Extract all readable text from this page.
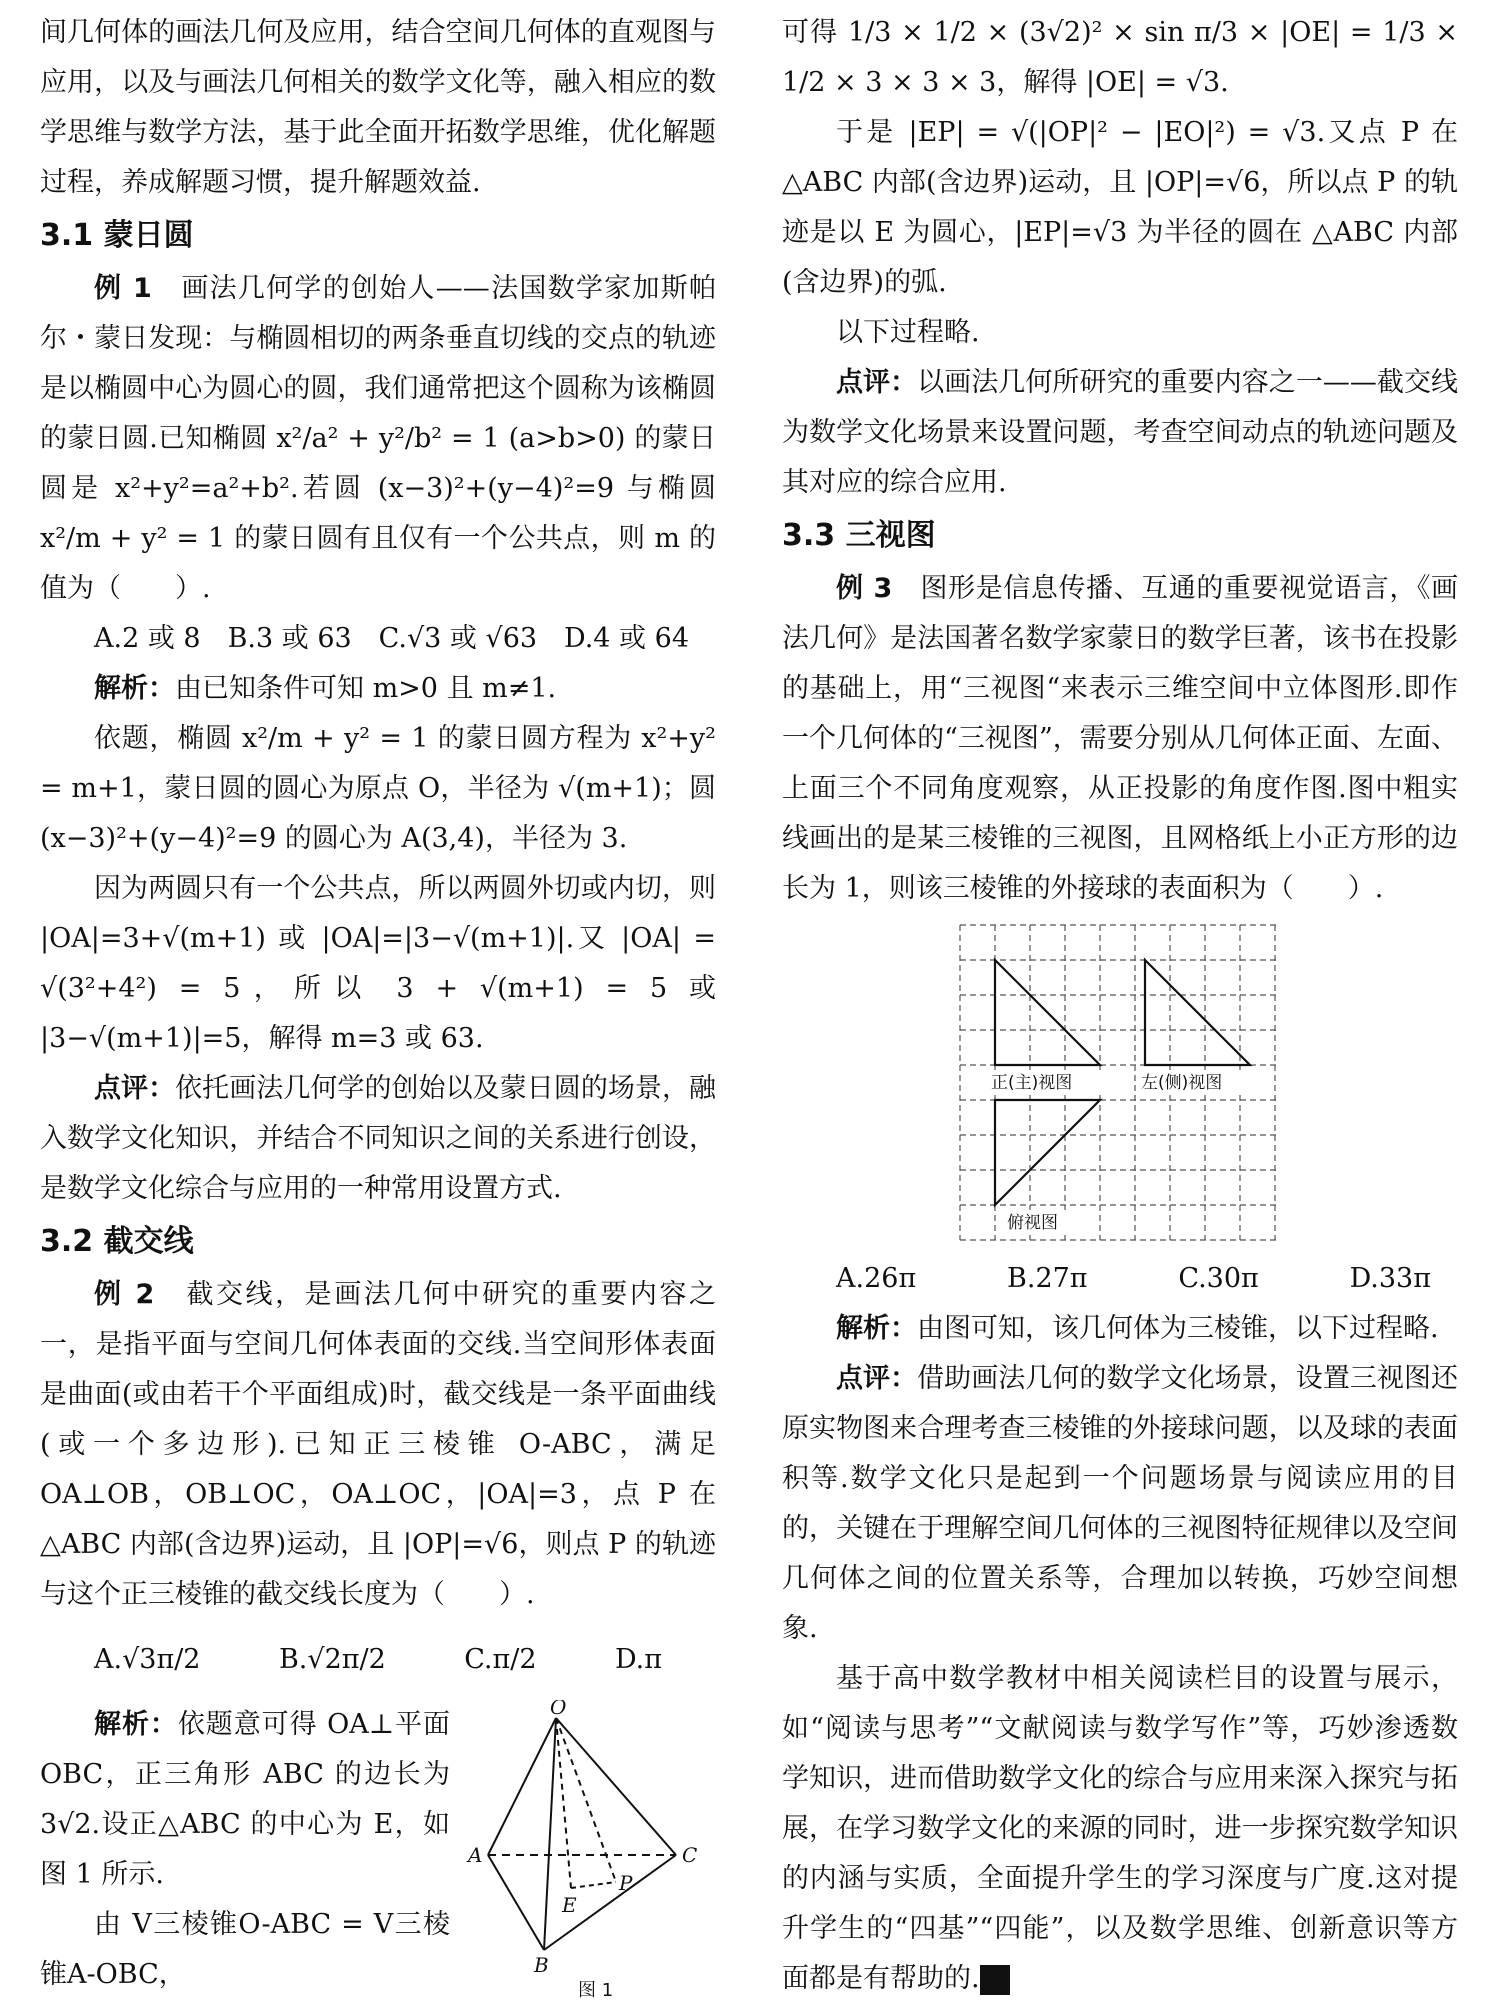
间几何体的画法几何及应用，结合空间几何体的直观图与应用，以及与画法几何相关的数学文化等，融入相应的数学思维与数学方法，基于此全面开拓数学思维，优化解题过程，养成解题习惯，提升解题效益.

3.1 蒙日圆

例 1　 画法几何学的创始人——法国数学家加斯帕尔・蒙日发现：与椭圆相切的两条垂直切线的交点的轨迹是以椭圆中心为圆心的圆，我们通常把这个圆称为该椭圆的蒙日圆.已知椭圆 x²/a² + y²/b² = 1 (a>b>0) 的蒙日圆是 x²+y²=a²+b².若圆 (x−3)²+(y−4)²=9 与椭圆 x²/m + y² = 1 的蒙日圆有且仅有一个公共点，则 m 的值为（　　）.

A.2 或 8 B.3 或 63 C.√3 或 √63 D.4 或 64

解析：由已知条件可知 m>0 且 m≠1.

依题，椭圆 x²/m + y² = 1 的蒙日圆方程为 x²+y² = m+1，蒙日圆的圆心为原点 O，半径为 √(m+1)；圆 (x−3)²+(y−4)²=9 的圆心为 A(3,4)，半径为 3.

因为两圆只有一个公共点，所以两圆外切或内切，则 |OA|=3+√(m+1) 或 |OA|=|3−√(m+1)|.又 |OA| = √(3²+4²) = 5，所以 3 + √(m+1) = 5 或 |3−√(m+1)|=5，解得 m=3 或 63.

点评：依托画法几何学的创始以及蒙日圆的场景，融入数学文化知识，并结合不同知识之间的关系进行创设，是数学文化综合与应用的一种常用设置方式.

3.2 截交线

例 2　 截交线，是画法几何中研究的重要内容之一，是指平面与空间几何体表面的交线.当空间形体表面是曲面(或由若干个平面组成)时，截交线是一条平面曲线(或一个多边形).已知正三棱锥 O-ABC，满足 OA⊥OB，OB⊥OC，OA⊥OC，|OA|=3，点 P 在 △ABC 内部(含边界)运动，且 |OP|=√6，则点 P 的轨迹与这个正三棱锥的截交线长度为（　　）.

A.√3π/2	B.√2π/2	C.π/2	D.π

解析：依题意可得 OA⊥平面 OBC，正三角形 ABC 的边长为 3√2.设正△ABC 的中心为 E，如图 1 所示.

由 V三棱锥O-ABC = V三棱锥A-OBC，

O
A
B
C
E
P
图 1

可得 1/3 × 1/2 × (3√2)² × sin π/3 × |OE| = 1/3 × 1/2 × 3 × 3 × 3，解得 |OE| = √3.

于是 |EP| = √(|OP|² − |EO|²) = √3.又点 P 在 △ABC 内部(含边界)运动，且 |OP|=√6，所以点 P 的轨迹是以 E 为圆心，|EP|=√3 为半径的圆在 △ABC 内部(含边界)的弧.

以下过程略.

点评：以画法几何所研究的重要内容之一——截交线为数学文化场景来设置问题，考查空间动点的轨迹问题及其对应的综合应用.

3.3 三视图

例 3　 图形是信息传播、互通的重要视觉语言，《画法几何》是法国著名数学家蒙日的数学巨著，该书在投影的基础上，用“三视图“来表示三维空间中立体图形.即作一个几何体的“三视图”，需要分别从几何体正面、左面、上面三个不同角度观察，从正投影的角度作图.图中粗实线画出的是某三棱锥的三视图，且网格纸上小正方形的边长为 1，则该三棱锥的外接球的表面积为（　　）.

正(主)视图	左(侧)视图
俯视图
A.26π	B.27π	C.30π	D.33π

解析：由图可知，该几何体为三棱锥，以下过程略.

点评：借助画法几何的数学文化场景，设置三视图还原实物图来合理考查三棱锥的外接球问题，以及球的表面积等.数学文化只是起到一个问题场景与阅读应用的目的，关键在于理解空间几何体的三视图特征规律以及空间几何体之间的位置关系等，合理加以转换，巧妙空间想象.

基于高中数学教材中相关阅读栏目的设置与展示，如“阅读与思考”“文献阅读与数学写作”等，巧妙渗透数学知识，进而借助数学文化的综合与应用来深入探究与拓展，在学习数学文化的来源的同时，进一步探究数学知识的内涵与实质，全面提升学生的学习深度与广度.这对提升学生的“四基”“四能”，以及数学思维、创新意识等方面都是有帮助的. Z
